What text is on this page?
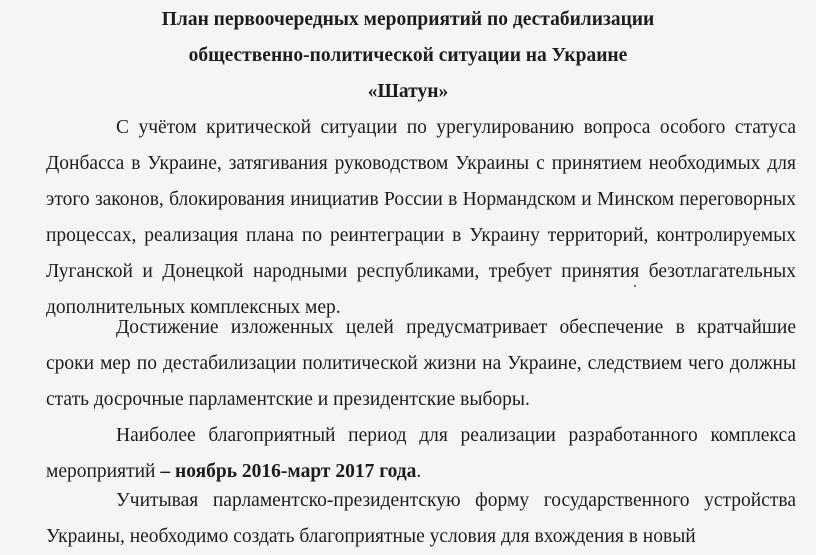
План первоочередных мероприятий по дестабилизации
общественно-политической ситуации на Украине
«Шатун»

С учётом критической ситуации по урегулированию вопроса особого статуса Донбасса в Украине, затягивания руководством Украины с принятием необходимых для этого законов, блокирования инициатив России в Нормандском и Минском переговорных процессах, реализация плана по реинтеграции в Украину территорий, контролируемых Луганской и Донецкой народными республиками, требует принятия безотлагательных дополнительных комплексных мер.

Достижение изложенных целей предусматривает обеспечение в кратчайшие сроки мер по дестабилизации политической жизни на Украине, следствием чего должны стать досрочные парламентские и президентские выборы.

Наиболее благоприятный период для реализации разработанного комплекса мероприятий – ноябрь 2016-март 2017 года.

Учитывая парламентско-президентскую форму государственного устройства Украины, необходимо создать благоприятные условия для вхождения в новый
